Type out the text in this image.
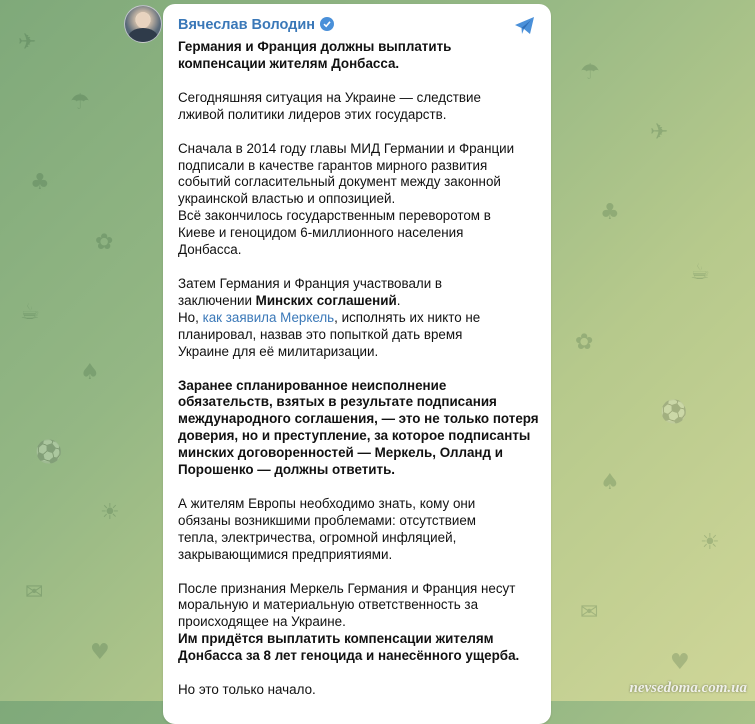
✈
☂
♣
✿
☕
♠
⚽
☀
✉
♥
☂
✈
♣
☕
✿
⚽
♠
☀
✉
♥
Вячеслав Володин

Германия и Франция должны выплатить
компенсации жителям Донбасса.

Сегодняшняя ситуация на Украине — следствие
лживой политики лидеров этих государств.

Сначала в 2014 году главы МИД Германии и Франции
подписали в качестве гарантов мирного развития
событий согласительный документ между законной
украинской властью и оппозицией.
Всё закончилось государственным переворотом в
Киеве и геноцидом 6-миллионного населения
Донбасса.

Затем Германия и Франция участвовали в
заключении Минских соглашений.
Но, как заявила Меркель, исполнять их никто не
планировал, назвав это попыткой дать время
Украине для её милитаризации.

Заранее спланированное неисполнение
обязательств, взятых в результате подписания
международного соглашения, — это не только потеря
доверия, но и преступление, за которое подписанты
минских договоренностей — Меркель, Олланд и
Порошенко — должны ответить.

А жителям Европы необходимо знать, кому они
обязаны возникшими проблемами: отсутствием
тепла, электричества, огромной инфляцией,
закрывающимися предприятиями.

После признания Меркель Германия и Франция несут
моральную и материальную ответственность за
происходящее на Украине.
Им придётся выплатить компенсации жителям
Донбасса за 8 лет геноцида и нанесённого ущерба.

Но это только начало.	nevsedoma.com.ua
